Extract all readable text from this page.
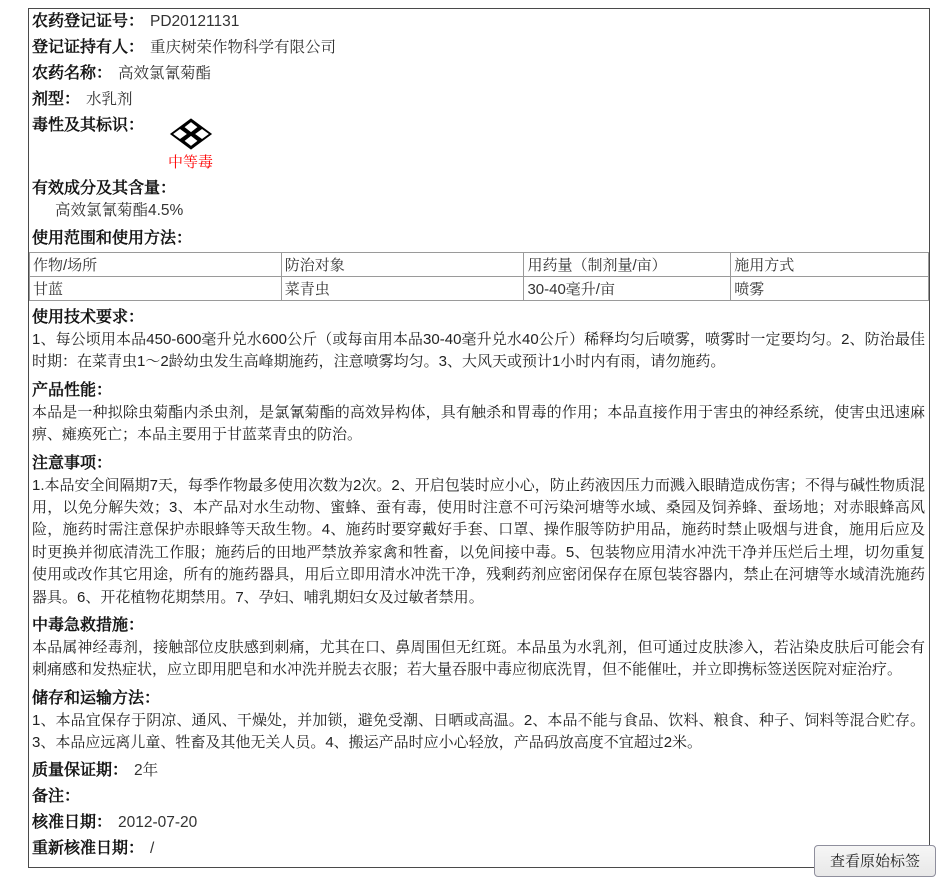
农药登记证号： PD20121131
登记证持有人： 重庆树荣作物科学有限公司
农药名称： 高效氯氰菊酯
剂型： 水乳剂
毒性及其标识：
中等毒
有效成分及其含量：
高效氯氰菊酯4.5%
使用范围和使用方法：
作物/场所	防治对象	用药量（制剂量/亩）	施用方式
甘蓝	菜青虫	30-40毫升/亩	喷雾
使用技术要求：
1、每公顷用本品450-600毫升兑水600公斤（或每亩用本品30-40毫升兑水40公斤）稀释均匀后喷雾，喷雾时一定要均匀。2、防治最佳时期：在菜青虫1～2龄幼虫发生高峰期施药，注意喷雾均匀。3、大风天或预计1小时内有雨，请勿施药。
产品性能：
本品是一种拟除虫菊酯内杀虫剂，是氯氰菊酯的高效异构体，具有触杀和胃毒的作用；本品直接作用于害虫的神经系统，使害虫迅速麻痹、瘫痪死亡；本品主要用于甘蓝菜青虫的防治。
注意事项：
1.本品安全间隔期7天，每季作物最多使用次数为2次。2、开启包装时应小心，防止药液因压力而溅入眼睛造成伤害；不得与碱性物质混用，以免分解失效；3、本产品对水生动物、蜜蜂、蚕有毒，使用时注意不可污染河塘等水域、桑园及饲养蜂、蚕场地；对赤眼蜂高风险，施药时需注意保护赤眼蜂等天敌生物。4、施药时要穿戴好手套、口罩、操作服等防护用品，施药时禁止吸烟与进食，施用后应及时更换并彻底清洗工作服；施药后的田地严禁放养家禽和牲畜，以免间接中毒。5、包装物应用清水冲洗干净并压烂后土埋，切勿重复使用或改作其它用途，所有的施药器具，用后立即用清水冲洗干净，残剩药剂应密闭保存在原包装容器内，禁止在河塘等水域清洗施药器具。6、开花植物花期禁用。7、孕妇、哺乳期妇女及过敏者禁用。
中毒急救措施：
本品属神经毒剂，接触部位皮肤感到刺痛，尤其在口、鼻周围但无红斑。本品虽为水乳剂，但可通过皮肤渗入，若沾染皮肤后可能会有刺痛感和发热症状，应立即用肥皂和水冲洗并脱去衣服；若大量吞服中毒应彻底洗胃，但不能催吐，并立即携标签送医院对症治疗。
储存和运输方法：
1、本品宜保存于阴凉、通风、干燥处，并加锁，避免受潮、日晒或高温。2、本品不能与食品、饮料、粮食、种子、饲料等混合贮存。3、本品应远离儿童、牲畜及其他无关人员。4、搬运产品时应小心轻放，产品码放高度不宜超过2米。
质量保证期： 2年
备注：
核准日期： 2012-07-20
重新核准日期： /
查看原始标签
